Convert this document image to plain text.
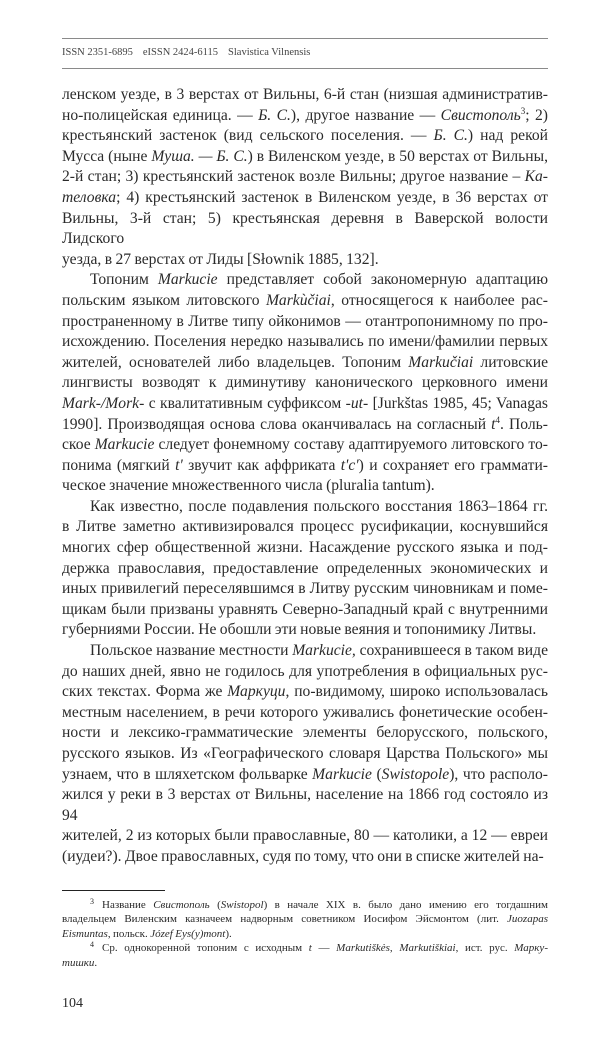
ISSN 2351-6895 eISSN 2424-6115 Slavistica Vilnensis
ленском уезде, в 3 верстах от Вильны, 6-й стан (низшая административ-
но-полицейская единица. — Б. С.), другое название — Свистополь$^3$; 2)
крестьянский застенок (вид сельского поселения. — Б. С.) над рекой
Мусса (ныне Муша. — Б. С.) в Виленском уезде, в 50 верстах от Вильны,
2-й стан; 3) крестьянский застенок возле Вильны; другое название – Ка-
теловка; 4) крестьянский застенок в Виленском уезде, в 36 верстах от
Вильны, 3-й стан; 5) крестьянская деревня в Ваверской волости Лидского
уезда, в 27 верстах от Лиды [Słownik 1885, 132].
Топоним Markucie представляет собой закономерную адаптацию
польским языком литовского Markùčiai, относящегося к наиболее рас-
пространенному в Литве типу ойконимов — отантропонимному по про-
исхождению. Поселения нередко назывались по имени/фамилии первых
жителей, основателей либо владельцев. Топоним Markučiai литовские
лингвисты возводят к диминутиву канонического церковного имени
Mark-/Mork- с квалитативным суффиксом -ut- [Jurkštas 1985, 45; Vanagas
1990]. Производящая основа слова оканчивалась на согласный $t^4$. Поль-
ское Markucie следует фонемному составу адаптируемого литовского то-
понима (мягкий t' звучит как аффриката t'c') и сохраняет его граммати-
ческое значение множественного числа (pluralia tantum).
Как известно, после подавления польского восстания 1863–1864 гг.
в Литве заметно активизировался процесс русификации, коснувшийся
многих сфер общественной жизни. Насаждение русского языка и под-
держка православия, предоставление определенных экономических и
иных привилегий переселявшимся в Литву русским чиновникам и поме-
щикам были призваны уравнять Северно-Западный край с внутренними
губерниями России. Не обошли эти новые веяния и топонимику Литвы.
Польское название местности Markucie, сохранившееся в таком виде
до наших дней, явно не годилось для употребления в официальных рус-
ских текстах. Форма же Маркуци, по-видимому, широко использовалась
местным населением, в речи которого уживались фонетические особен-
ности и лексико-грамматические элементы белорусского, польского,
русского языков. Из «Географического словаря Царства Польского» мы
узнаем, что в шляхетском фольварке Markucie (Swistopole), что располо-
жился у реки в 3 верстах от Вильны, население на 1866 год состояло из 94
жителей, 2 из которых были православные, 80 — католики, а 12 — евреи
(иудеи?). Двое православных, судя по тому, что они в списке жителей на-
$^3$ Название Свистополь (Swistopol) в начале XIX в. было дано имению его тогдашним
владельцем Виленским казначеем надворным советником Иосифом Эйсмонтом (лит. Juozapas
Eismuntas, польск. Józef Eys(y)mont).
$^4$ Ср. однокоренной топоним с исходным t — Markutiškės, Markutiškiai, ист. рус. Марку-
тишки.
104
